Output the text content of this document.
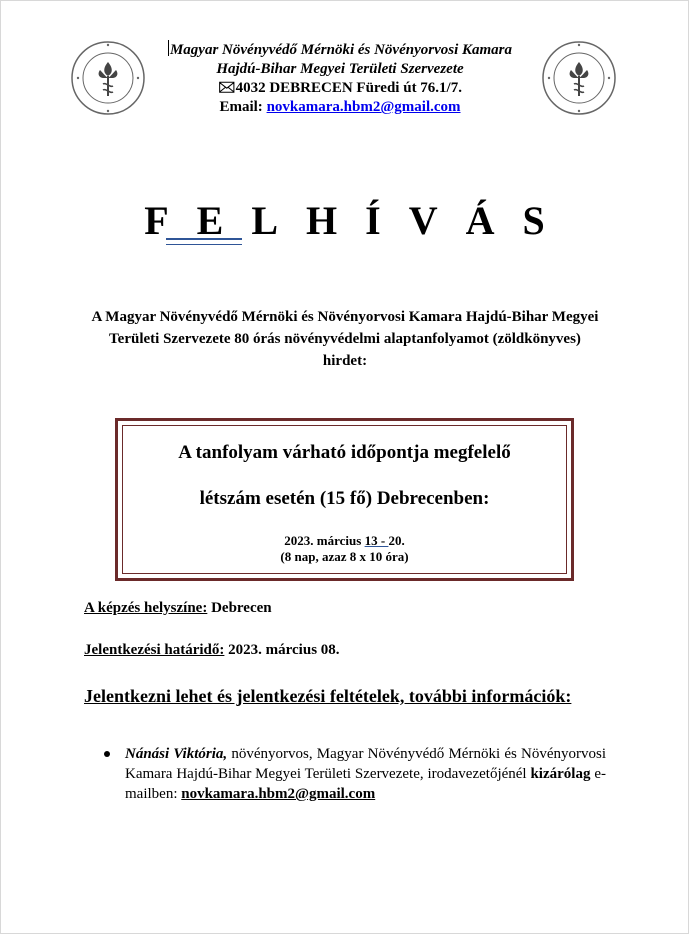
Magyar Növényvédő Mérnöki és Növényorvosi Kamara
Hajdú-Bihar Megyei Területi Szervezete
🖂4032 DEBRECEN Füredi út 76.1/7.
Email: novkamara.hbm2@gmail.com
FELHÍVÁS
A Magyar Növényvédő Mérnöki és Növényorvosi Kamara Hajdú-Bihar Megyei Területi Szervezete 80 órás növényvédelmi alaptanfolyamot (zöldkönyves) hirdet:
A tanfolyam várható időpontja megfelelő
létszám esetén (15 fő) Debrecenben:
2023. március 13 - 20.
(8 nap, azaz 8 x 10 óra)
A képzés helyszíne: Debrecen
Jelentkezési határidő: 2023. március 08.
Jelentkezni lehet és jelentkezési feltételek, további információk:
Nánási Viktória, növényorvos, Magyar Növényvédő Mérnöki és Növényorvosi Kamara Hajdú-Bihar Megyei Területi Szervezete, irodavezetőjénél kizárólag e-mailben: novkamara.hbm2@gmail.com
